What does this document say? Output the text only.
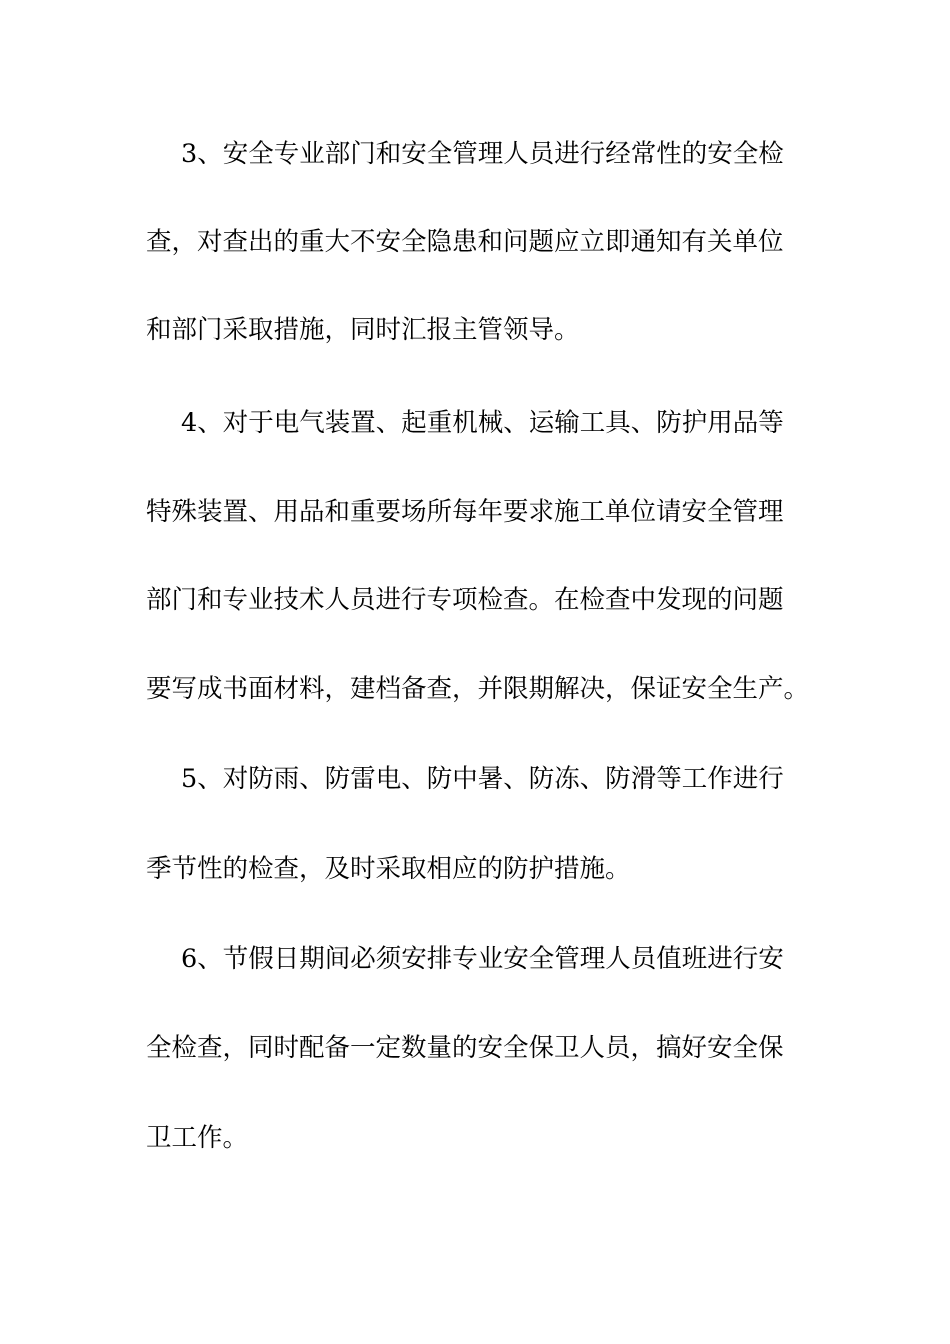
3、安全专业部门和安全管理人员进行经常性的安全检
查，对查出的重大不安全隐患和问题应立即通知有关单位
和部门采取措施，同时汇报主管领导。
4、对于电气装置、起重机械、运输工具、防护用品等
特殊装置、用品和重要场所每年要求施工单位请安全管理
部门和专业技术人员进行专项检查。在检查中发现的问题
要写成书面材料，建档备查，并限期解决，保证安全生产。
5、对防雨、防雷电、防中暑、防冻、防滑等工作进行
季节性的检查，及时采取相应的防护措施。
6、节假日期间必须安排专业安全管理人员值班进行安
全检查，同时配备一定数量的安全保卫人员，搞好安全保
卫工作。
